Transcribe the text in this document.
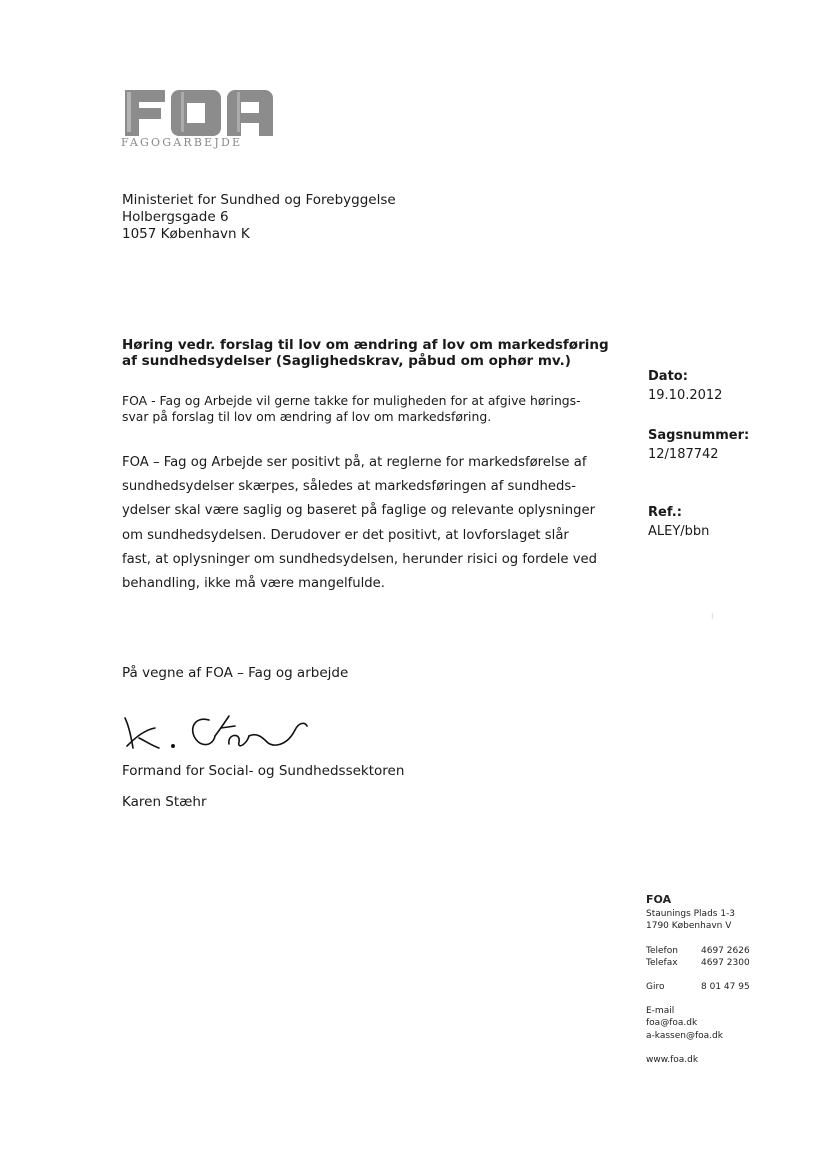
FAGOGARBEJDE
Ministeriet for Sundhed og Forebyggelse
Holbergsgade 6
1057 København K
Høring vedr. forslag til lov om ændring af lov om markedsføring
af sundhedsydelser (Saglighedskrav, påbud om ophør mv.)
FOA - Fag og Arbejde vil gerne takke for muligheden for at afgive hørings-
svar på forslag til lov om ændring af lov om markedsføring.
FOA – Fag og Arbejde ser positivt på, at reglerne for markedsførelse af
sundhedsydelser skærpes, således at markedsføringen af sundheds-
ydelser skal være saglig og baseret på faglige og relevante oplysninger
om sundhedsydelsen. Derudover er det positivt, at lovforslaget slår
fast, at oplysninger om sundhedsydelsen, herunder risici og fordele ved
behandling, ikke må være mangelfulde.
Dato:
19.10.2012
Sagsnummer:
12/187742
Ref.:
ALEY/bbn
⁝
På vegne af FOA – Fag og arbejde
Formand for Social- og Sundhedssektoren
Karen Stæhr
FOA
Staunings Plads 1-3
1790 København V
Telefon	4697 2626
Telefax	4697 2300
Giro	8 01 47 95
E-mail
foa@foa.dk
a-kassen@foa.dk
www.foa.dk
